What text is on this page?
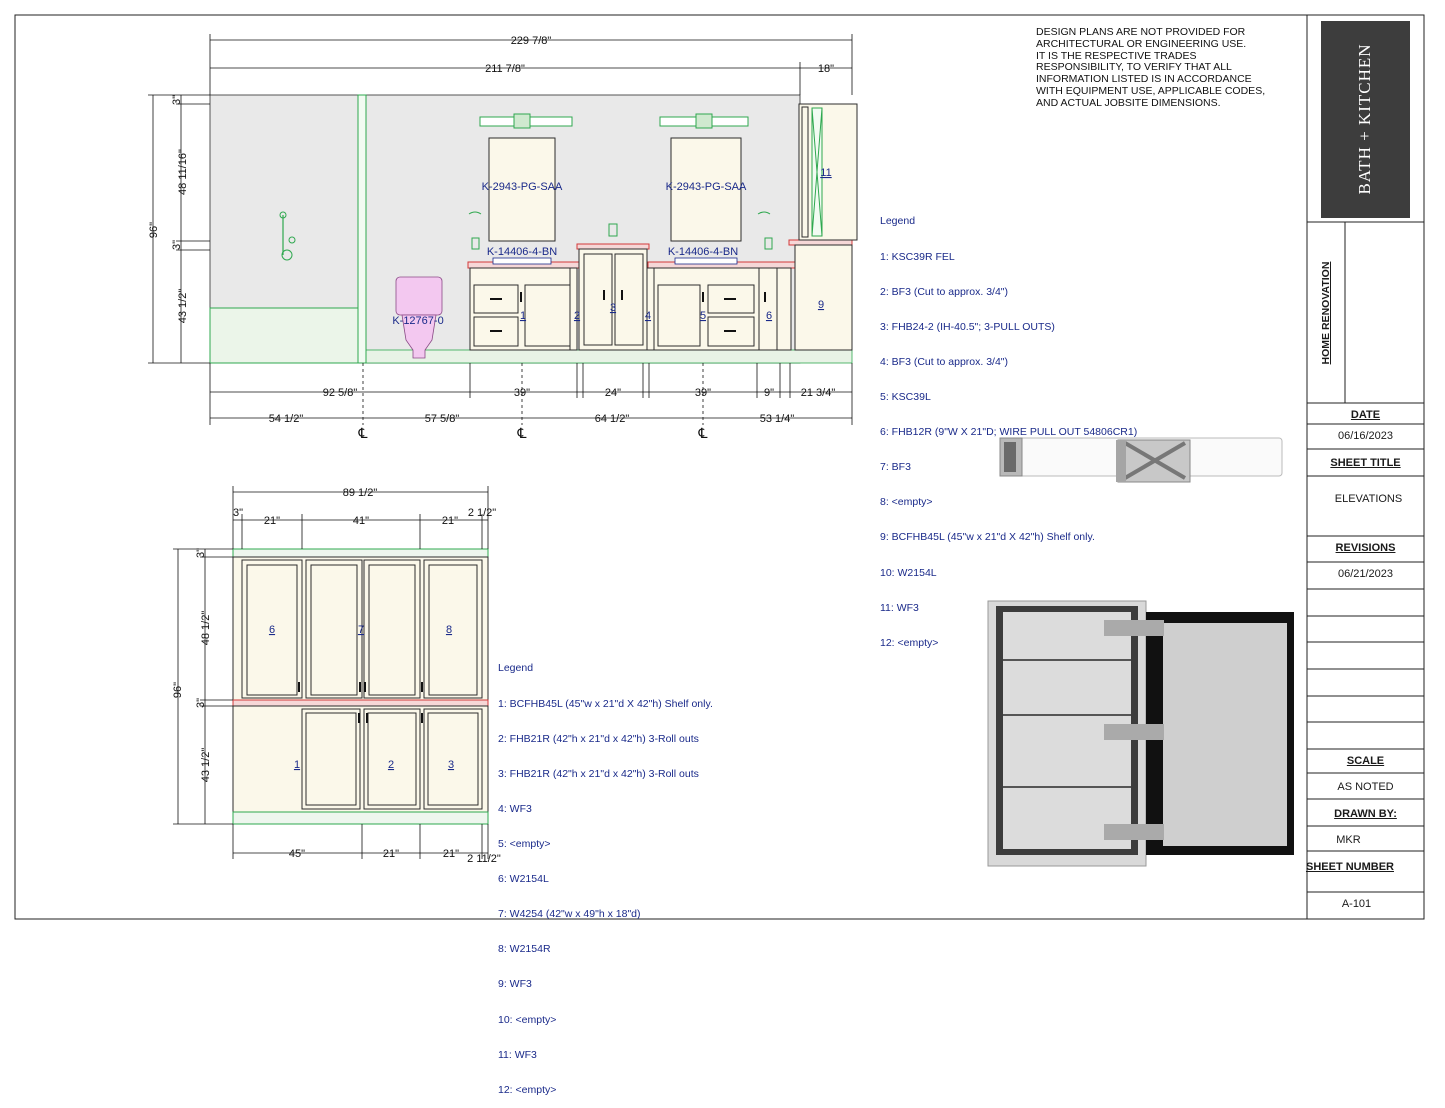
K-2943-PG-SAA	K-2943-PG-SAA
K-14406-4-BN	K-14406-4-BN
K-12767-0	1	2
3
4	5	6
9
11
229 7/8"
211 7/8"	18"
96"
3"
48 11/16"
3"
43 1/2"
92 5/8"	39"	24"	39"	9" 21 3/4"
54 1/2"	57 5/8"	64 1/2"	53 1/4"
℄	℄	℄
6	7	8
1	2	3
89 1/2"
3"
21"	41"	21"
2 1/2"
96"
3"
48 1/2"
3"
43 1/2"
45"	21"	21" 2 11/2"

Legend

1: KSC39R FEL

2: BF3 (Cut to approx. 3/4")

3: FHB24-2 (IH-40.5"; 3-PULL OUTS)

4: BF3 (Cut to approx. 3/4")

5: KSC39L

6: FHB12R (9"W X 21"D; WIRE PULL OUT 54806CR1)

7: BF3

8: <empty>

9: BCFHB45L (45"w x 21"d X 42"h) Shelf only.

10: W2154L

11: WF3

12: <empty>

Legend

1: BCFHB45L (45"w x 21"d X 42"h) Shelf only.

2: FHB21R (42"h x 21"d x 42"h) 3-Roll outs

3: FHB21R (42"h x 21"d x 42"h) 3-Roll outs

4: WF3

5: <empty>

6: W2154L

7: W4254 (42"w x 49"h x 18"d)

8: W2154R

9: WF3

10: <empty>

11: WF3

12: <empty>

DESIGN PLANS ARE NOT PROVIDED FOR
ARCHITECTURAL OR ENGINEERING USE.
IT IS THE RESPECTIVE TRADES
RESPONSIBILITY, TO VERIFY THAT ALL
INFORMATION LISTED IS IN ACCORDANCE
WITH EQUIPMENT USE, APPLICABLE CODES,
AND ACTUAL JOBSITE DIMENSIONS.	BATH + KITCHEN
HOME RENOVATION
DATE
06/16/2023
SHEET TITLE
ELEVATIONS
REVISIONS
06/21/2023
SCALE
AS NOTED
DRAWN BY:
MKR
SHEET NUMBER
A-101
